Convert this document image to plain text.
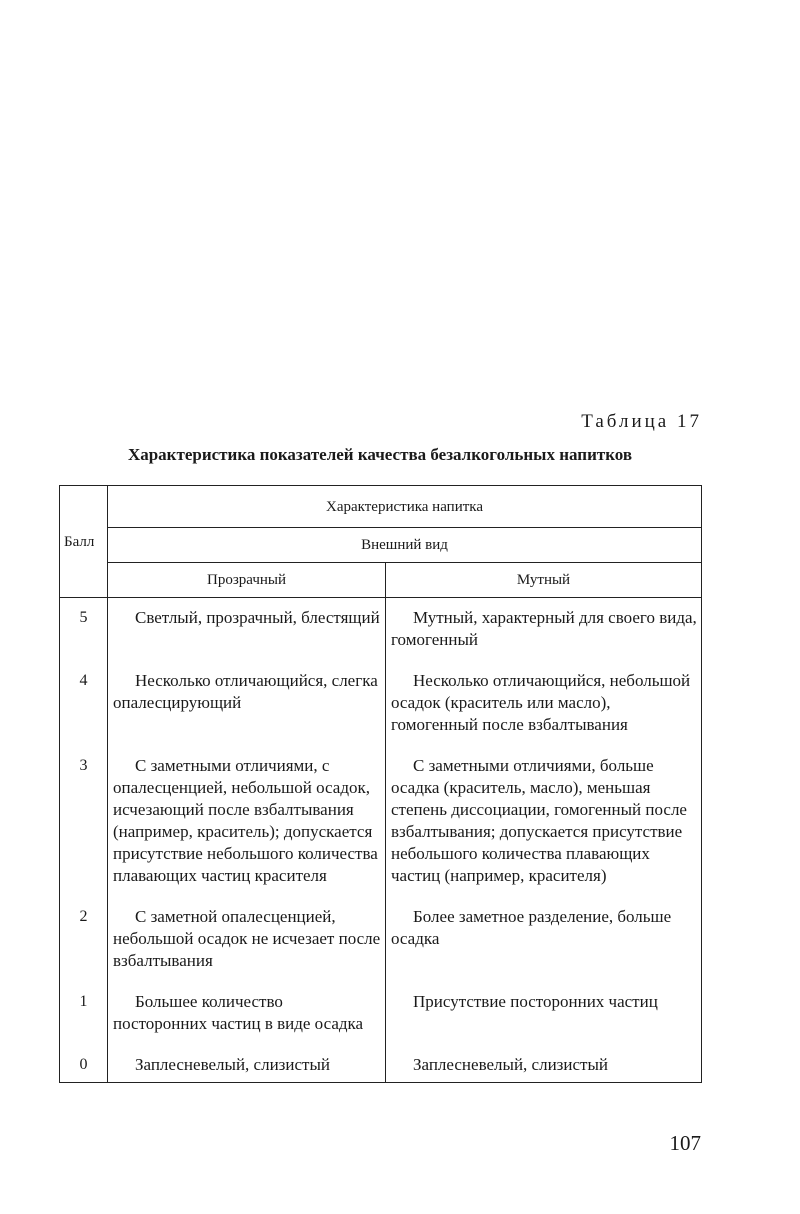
Таблица 17
Характеристика показателей качества безалкогольных напитков
Балл	Характеристика напитка	
	Внешний вид	
	Прозрачный	Мутный
5	Светлый, прозрачный, блестящий	Мутный, характерный для своего вида, гомогенный
4	Несколько отличающийся, слегка опалесцирующий	Несколько отличающийся, небольшой осадок (краситель или масло), гомогенный после взбалтывания
3	С заметными отличиями, с опалесценцией, небольшой осадок, исчезающий после взбалтывания (например, краситель); допускается присутствие небольшого количества плавающих частиц красителя	С заметными отличиями, больше осадка (краситель, масло), меньшая степень диссоциации, гомогенный после взбалтывания; допускается присутствие небольшого количества плавающих частиц (например, красителя)
2	С заметной опалесценцией, небольшой осадок не исчезает после взбалтывания	Более заметное разделение, больше осадка
1	Большее количество посторонних частиц в виде осадка	Присутствие посторонних частиц
0	Заплесневелый, слизистый	Заплесневелый, слизистый
107
